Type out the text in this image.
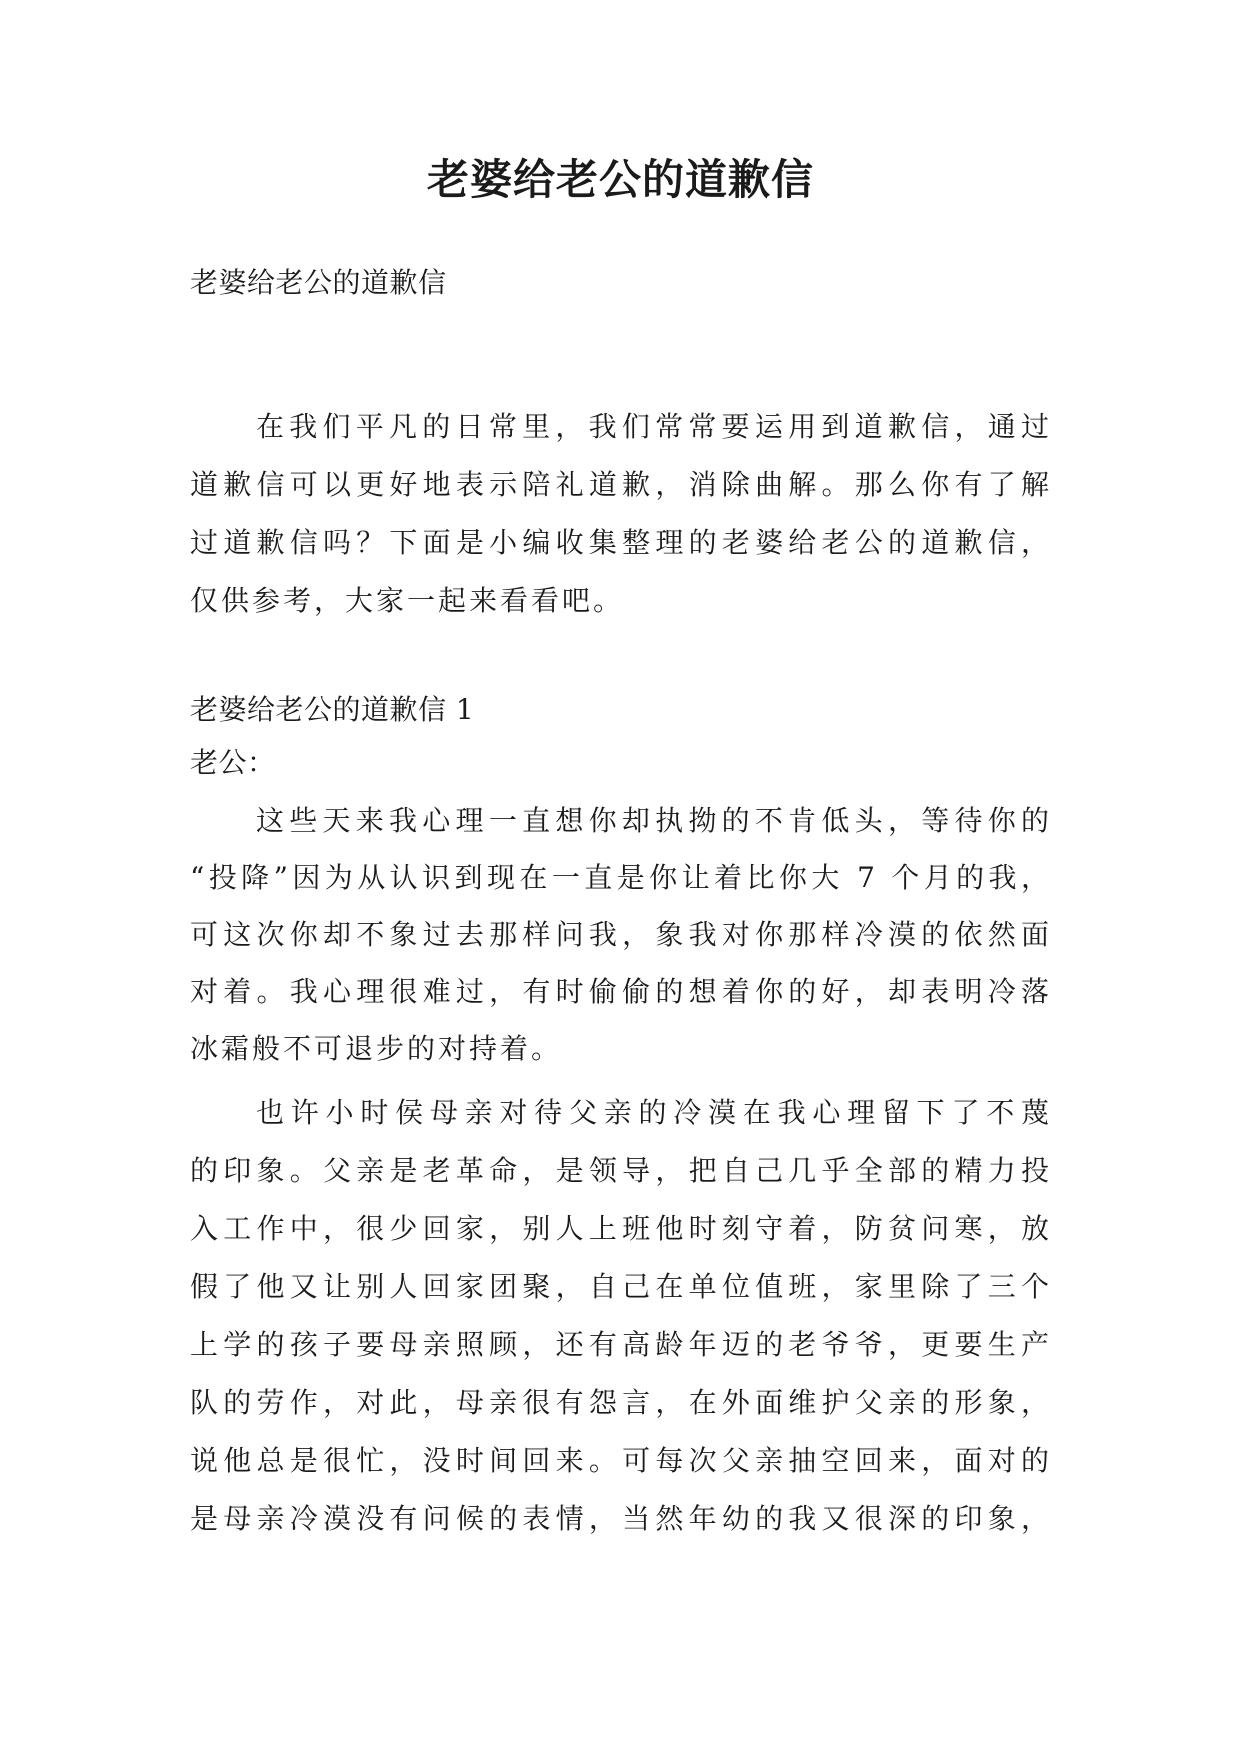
老婆给老公的道歉信

老婆给老公的道歉信

在我们平凡的日常里，我们常常要运用到道歉信，通过

道歉信可以更好地表示陪礼道歉，消除曲解。那么你有了解

过道歉信吗？下面是小编收集整理的老婆给老公的道歉信，

仅供参考，大家一起来看看吧。

老婆给老公的道歉信 1

老公：

这些天来我心理一直想你却执拗的不肯低头，等待你的

“投降”因为从认识到现在一直是你让着比你大 7 个月的我，

可这次你却不象过去那样问我，象我对你那样冷漠的依然面

对着。我心理很难过，有时偷偷的想着你的好，却表明冷落

冰霜般不可退步的对持着。

也许小时侯母亲对待父亲的冷漠在我心理留下了不蔑

的印象。父亲是老革命，是领导，把自己几乎全部的精力投

入工作中，很少回家，别人上班他时刻守着，防贫问寒，放

假了他又让别人回家团聚，自己在单位值班，家里除了三个

上学的孩子要母亲照顾，还有高龄年迈的老爷爷，更要生产

队的劳作，对此，母亲很有怨言，在外面维护父亲的形象，

说他总是很忙，没时间回来。可每次父亲抽空回来，面对的

是母亲冷漠没有问候的表情，当然年幼的我又很深的印象，
